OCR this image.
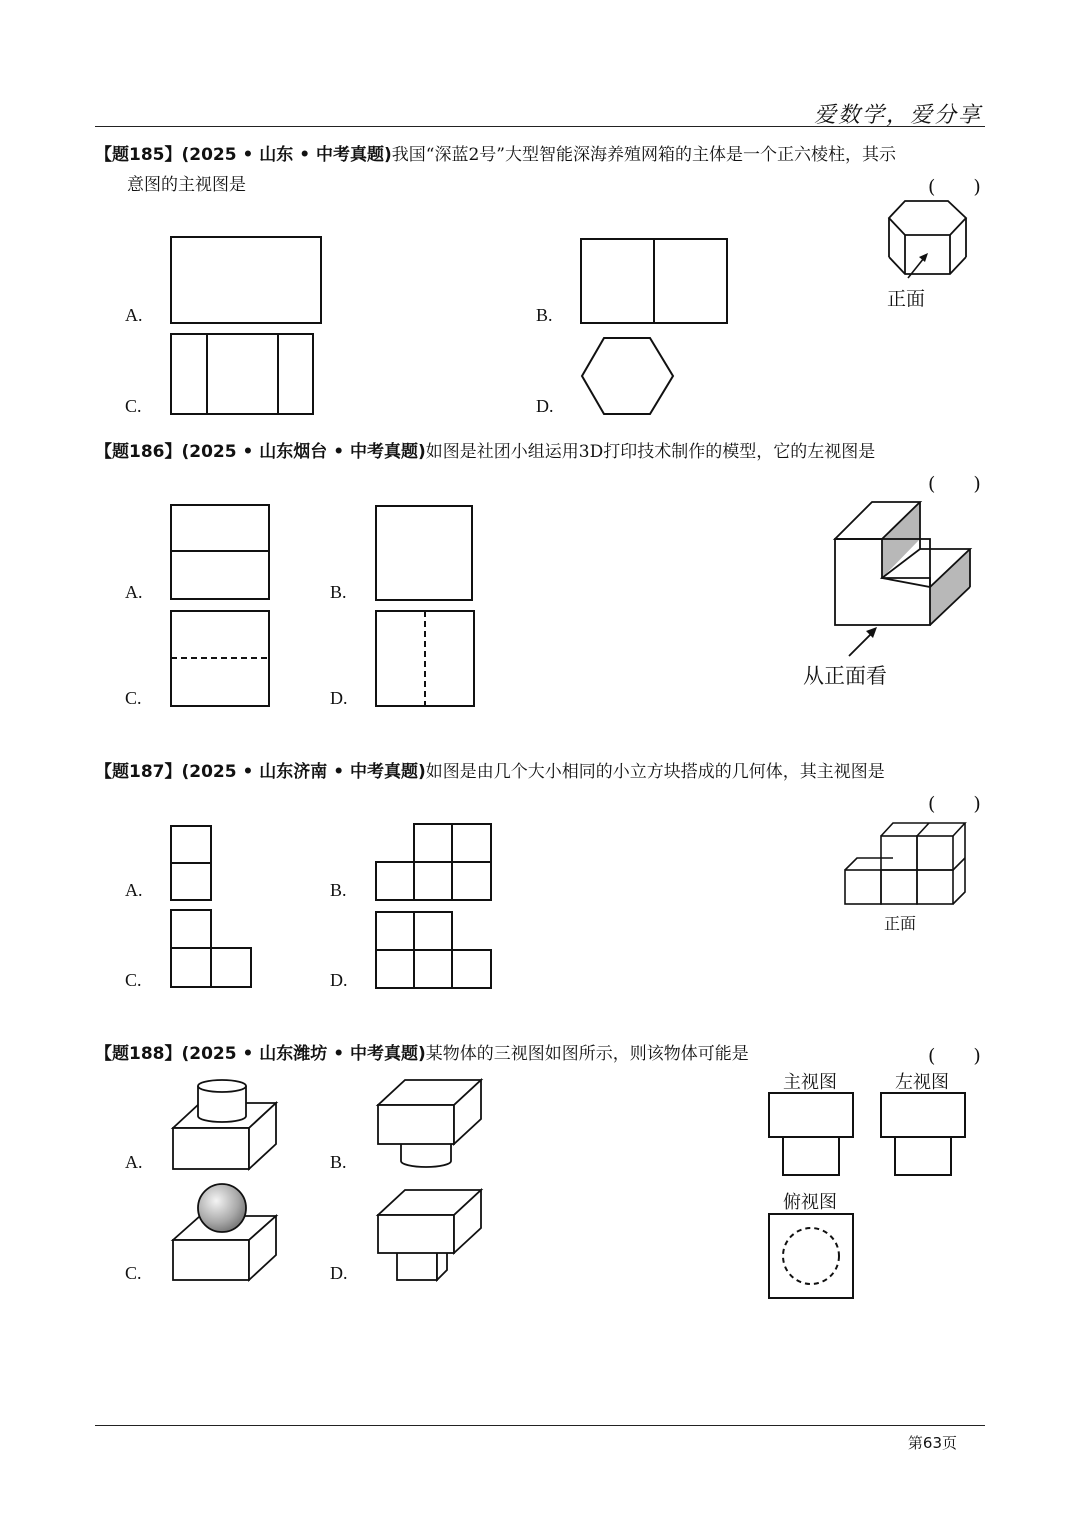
爱数学，爱分享
【题185】(2025 • 山东 • 中考真题)我国“深蓝2号”大型智能深海养殖网箱的主体是一个正六棱柱，其示
意图的主视图是	(　　)
A.	B.
C.	D.
正面
【题186】(2025 • 山东烟台 • 中考真题)如图是社团小组运用3D打印技术制作的模型，它的左视图是
(　　)
A.	B.
C.	D.
从正面看
【题187】(2025 • 山东济南 • 中考真题)如图是由几个大小相同的小立方块搭成的几何体，其主视图是
(　　)
A.	B.
C.	D.
正面
【题188】(2025 • 山东潍坊 • 中考真题)某物体的三视图如图所示，则该物体可能是	(　　)
A.	B.
C.	D.
主视图	左视图
俯视图
第63页
